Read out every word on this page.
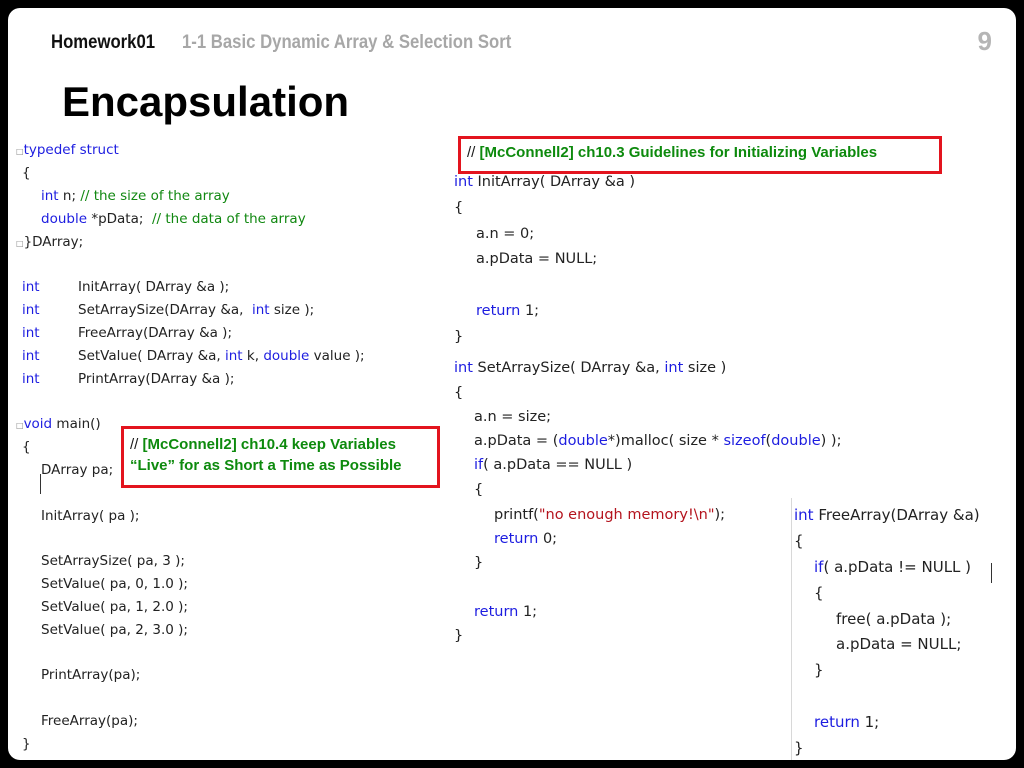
Homework01 1-1 Basic Dynamic Array & Selection Sort	9
Encapsulation

□typedef struct

{

int n; // the size of the array

double *pData;  // the data of the array

□}DArray;

int

	InitArray( DArray &a );

int

	SetArraySize(DArray &a,  int size );

int

	FreeArray(DArray &a );

int

	SetValue( DArray &a, int k, double value );

int

	PrintArray(DArray &a );

□void main()

{

DArray pa;

InitArray( pa );

SetArraySize( pa, 3 );

SetValue( pa, 0, 1.0 );

SetValue( pa, 1, 2.0 );

SetValue( pa, 2, 3.0 );

PrintArray(pa);

FreeArray(pa);

}

int InitArray( DArray &a )

{

a.n = 0;

a.pData = NULL;

return 1;

}

int SetArraySize( DArray &a, int size )

{

a.n = size;

a.pData = (double*)malloc( size * sizeof(double) );

if( a.pData == NULL )

{

printf("no enough memory!\n");

return 0;

}

return 1;

}

int FreeArray(DArray &a)

{

if( a.pData != NULL )

{

free( a.pData );

a.pData = NULL;

}

return 1;

}

// [McConnell2] ch10.3 Guidelines for Initializing Variables
// [McConnell2] ch10.4 keep Variables
“Live” for as Short a Time as Possible
